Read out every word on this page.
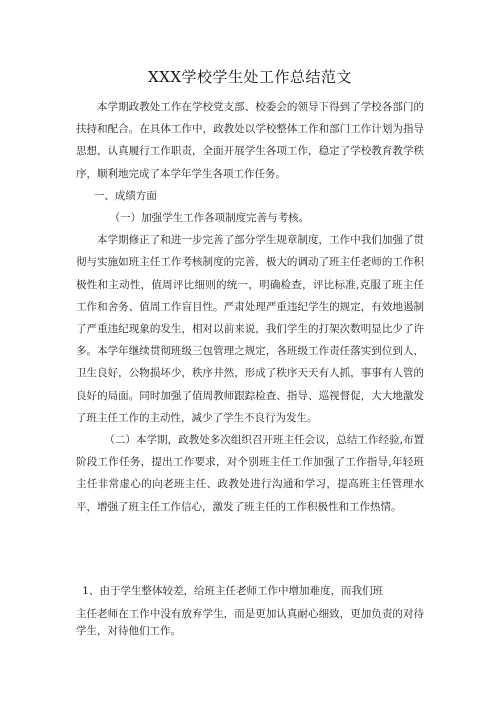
XXX学校学生处工作总结范文

本学期政教处工作在学校党支部、校委会的领导下得到了学校各部门的扶持和配合。在具体工作中，政教处以学校整体工作和部门工作计划为指导思想，认真履行工作职责，全面开展学生各项工作，稳定了学校教育教学秩序，顺利地完成了本学年学生各项工作任务。

一、成绩方面

（一）加强学生工作各项制度完善与考核。

本学期修正了和进一步完善了部分学生规章制度，工作中我们加强了贯彻与实施如班主任工作考核制度的完善，极大的调动了班主任老师的工作积极性和主动性，值周评比细则的统一，明确检查，评比标准,克服了班主任工作和舍务、值周工作盲目性。严肃处理严重违纪学生的规定，有效地遏制了严重违纪现象的发生，相对以前来说，我们学生的打架次数明显比少了许多。本学年继续贯彻班级三包管理之规定，各班级工作责任落实到位到人，卫生良好，公物损坏少，秩序井然，形成了秩序天天有人抓，事事有人管的良好的局面。同时加强了值周教师跟踪检查、指导、巡视督促，大大地激发了班主任工作的主动性，减少了学生不良行为发生。

（二）本学期，政教处多次组织召开班主任会议，总结工作经验,布置阶段工作任务，提出工作要求，对个别班主任工作加强了工作指导,年轻班主任非常虚心的向老班主任、政教处进行沟通和学习，提高班主任管理水平，增强了班主任工作信心，激发了班主任的工作积极性和工作热情。

1、由于学生整体较差，给班主任老师工作中增加难度，而我们班

主任老师在工作中没有放弃学生，而是更加认真耐心细致，更加负责的对待学生，对待他们工作。
